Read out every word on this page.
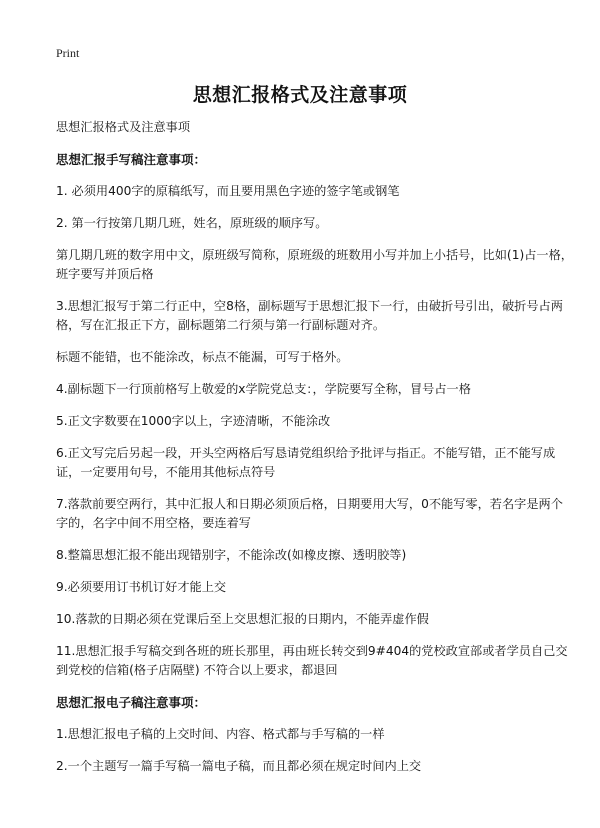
Print
思想汇报格式及注意事项

思想汇报格式及注意事项

思想汇报手写稿注意事项：

1. 必须用400字的原稿纸写，而且要用黑色字迹的签字笔或钢笔

2. 第一行按第几期几班，姓名，原班级的顺序写。

第几期几班的数字用中文，原班级写简称，原班级的班数用小写并加上小括号，比如(1)占一格，班字要写并顶后格

3.思想汇报写于第二行正中，空8格，副标题写于思想汇报下一行，由破折号引出，破折号占两格，写在汇报正下方，副标题第二行须与第一行副标题对齐。

标题不能错，也不能涂改，标点不能漏，可写于格外。

4.副标题下一行顶前格写上敬爱的x学院党总支：，学院要写全称，冒号占一格

5.正文字数要在1000字以上，字迹清晰，不能涂改

6.正文写完后另起一段，开头空两格后写恳请党组织给予批评与指正。不能写错，正不能写成证，一定要用句号，不能用其他标点符号

7.落款前要空两行，其中汇报人和日期必须顶后格，日期要用大写，0不能写零，若名字是两个字的，名字中间不用空格，要连着写

8.整篇思想汇报不能出现错别字，不能涂改(如橡皮擦、透明胶等)

9.必须要用订书机订好才能上交

10.落款的日期必须在党课后至上交思想汇报的日期内，不能弄虚作假

11.思想汇报手写稿交到各班的班长那里，再由班长转交到9#404的党校政宣部或者学员自己交到党校的信箱(格子店隔壁) 不符合以上要求，都退回

思想汇报电子稿注意事项：

1.思想汇报电子稿的上交时间、内容、格式都与手写稿的一样

2.一个主题写一篇手写稿一篇电子稿，而且都必须在规定时间内上交
